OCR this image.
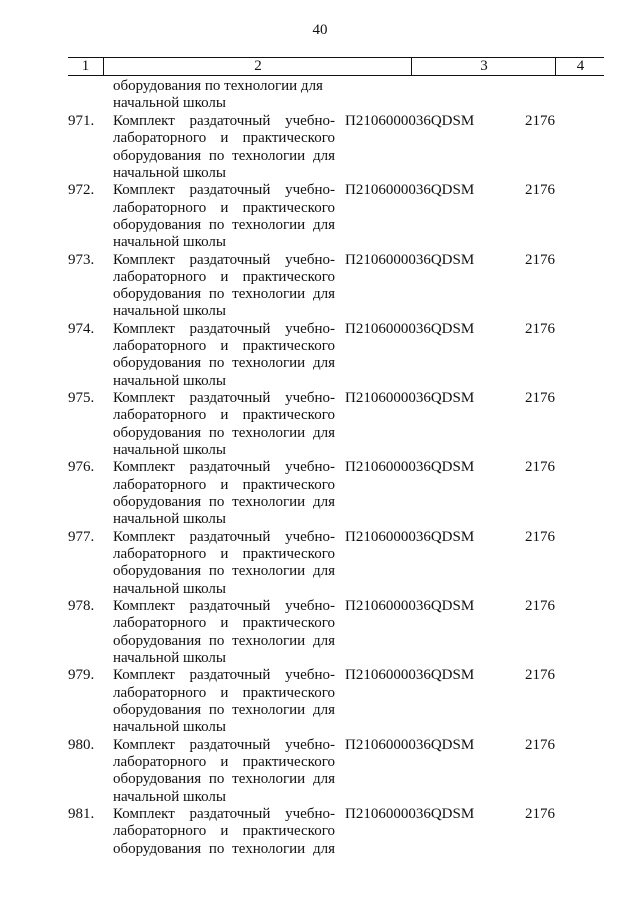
40
1	2	3	4
оборудования по технологии для
начальной школы
971.	Комплект раздаточный учебно-
лабораторного и практического
оборудования по технологии для
начальной школы
П2106000036QDSM	2176
972.	Комплект раздаточный учебно-
лабораторного и практического
оборудования по технологии для
начальной школы
П2106000036QDSM	2176
973.	Комплект раздаточный учебно-
лабораторного и практического
оборудования по технологии для
начальной школы
П2106000036QDSM	2176
974.	Комплект раздаточный учебно-
лабораторного и практического
оборудования по технологии для
начальной школы
П2106000036QDSM	2176
975.	Комплект раздаточный учебно-
лабораторного и практического
оборудования по технологии для
начальной школы
П2106000036QDSM	2176
976.	Комплект раздаточный учебно-
лабораторного и практического
оборудования по технологии для
начальной школы
П2106000036QDSM	2176
977.	Комплект раздаточный учебно-
лабораторного и практического
оборудования по технологии для
начальной школы
П2106000036QDSM	2176
978.	Комплект раздаточный учебно-
лабораторного и практического
оборудования по технологии для
начальной школы
П2106000036QDSM	2176
979.	Комплект раздаточный учебно-
лабораторного и практического
оборудования по технологии для
начальной школы
П2106000036QDSM	2176
980.	Комплект раздаточный учебно-
лабораторного и практического
оборудования по технологии для
начальной школы
П2106000036QDSM	2176
981.	Комплект раздаточный учебно-
лабораторного и практического
оборудования по технологии для
П2106000036QDSM	2176
